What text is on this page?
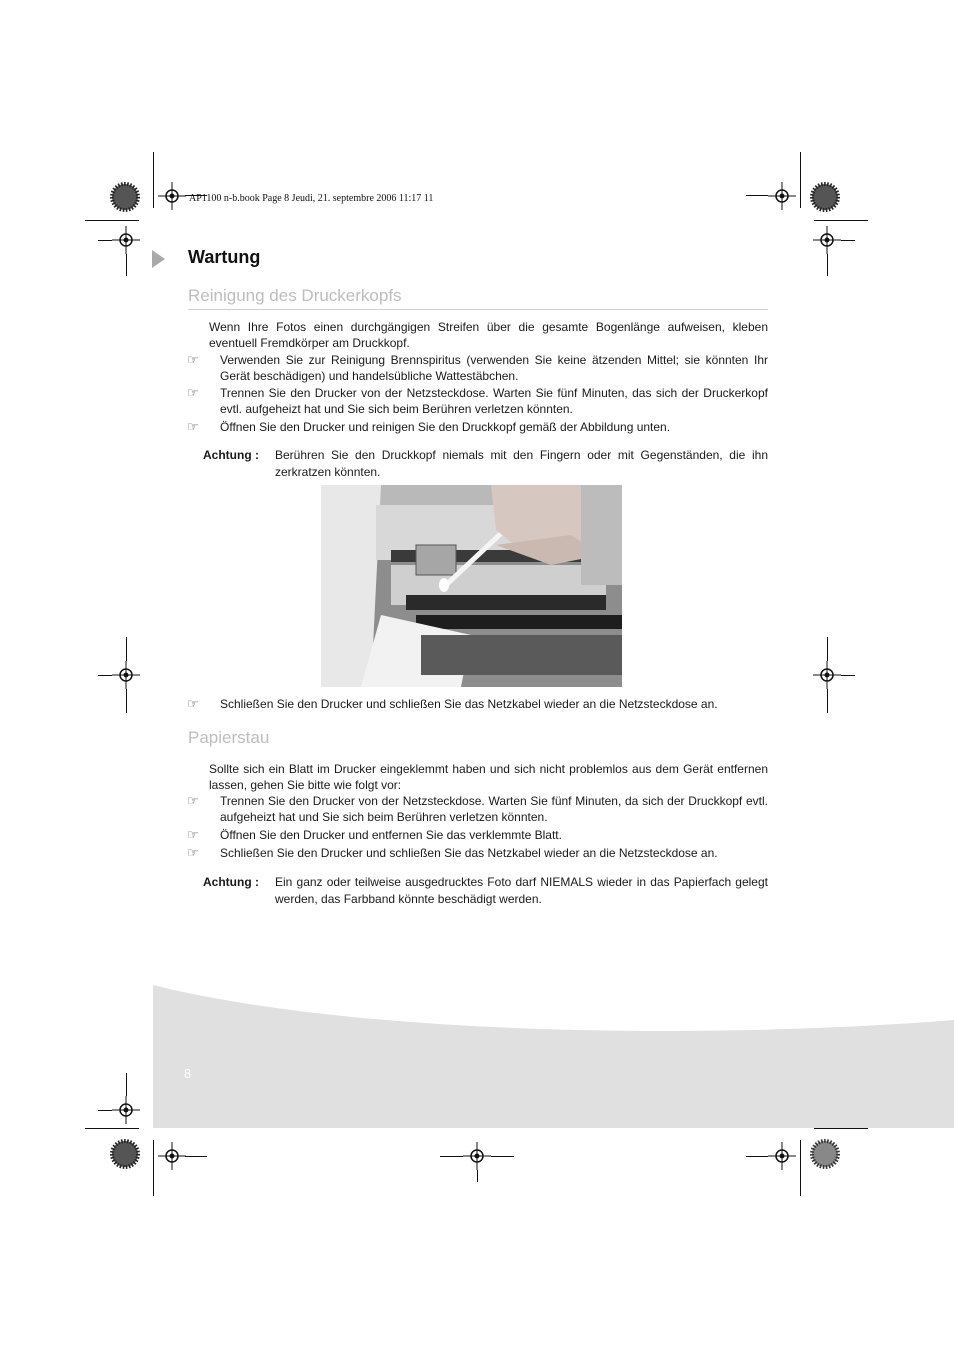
AP1100 n-b.book Page 8 Jeudi, 21. septembre 2006 11:17 11
Wartung
Reinigung des Druckerkopfs
Wenn Ihre Fotos einen durchgängigen Streifen über die gesamte Bogenlänge aufweisen, kleben eventuell Fremdkörper am Druckkopf.
☞ Verwenden Sie zur Reinigung Brennspiritus (verwenden Sie keine ätzenden Mittel; sie könnten Ihr Gerät beschädigen) und handelsübliche Wattestäbchen.
☞ Trennen Sie den Drucker von der Netzsteckdose. Warten Sie fünf Minuten, das sich der Druckerkopf evtl. aufgeheizt hat und Sie sich beim Berühren verletzen könnten.
☞ Öffnen Sie den Drucker und reinigen Sie den Druckkopf gemäß der Abbildung unten.
Achtung : Berühren Sie den Druckkopf niemals mit den Fingern oder mit Gegenständen, die ihn zerkratzen könnten.
☞ Schließen Sie den Drucker und schließen Sie das Netzkabel wieder an die Netzsteckdose an.
Papierstau
Sollte sich ein Blatt im Drucker eingeklemmt haben und sich nicht problemlos aus dem Gerät entfernen lassen, gehen Sie bitte wie folgt vor:
☞ Trennen Sie den Drucker von der Netzsteckdose. Warten Sie fünf Minuten, da sich der Druckkopf evtl. aufgeheizt hat und Sie sich beim Berühren verletzen könnten.
☞ Öffnen Sie den Drucker und entfernen Sie das verklemmte Blatt.
☞ Schließen Sie den Drucker und schließen Sie das Netzkabel wieder an die Netzsteckdose an.
Achtung : Ein ganz oder teilweise ausgedrucktes Foto darf NIEMALS wieder in das Papierfach gelegt werden, das Farbband könnte beschädigt werden.
8
